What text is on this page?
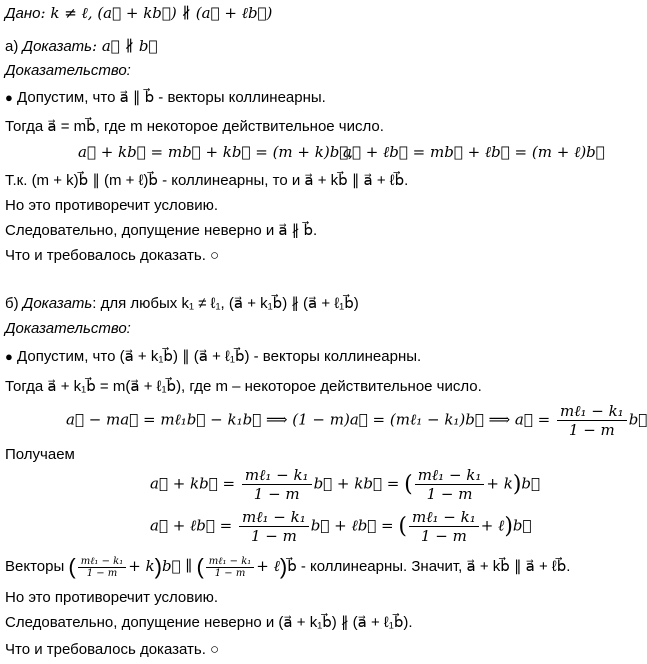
Дано: k ≠ ℓ, (a⃗ + kb⃗) ∦ (a⃗ + ℓb⃗)
а) Доказать: a⃗ ∦ b⃗
Доказательство:
● Допустим, что a⃗ ∥ b⃗ - векторы коллинеарны.
Тогда a⃗ = mb⃗, где m некоторое действительное число.
a⃗ + kb⃗ = mb⃗ + kb⃗ = (m + k)b⃗,
a⃗ + ℓb⃗ = mb⃗ + ℓb⃗ = (m + ℓ)b⃗
Т.к. (m + k)b⃗ ∥ (m + ℓ)b⃗ - коллинеарны, то и a⃗ + kb⃗ ∥ a⃗ + ℓb⃗.
Но это противоречит условию.
Следовательно, допущение неверно и a⃗ ∦ b⃗.
Что и требовалось доказать. ○
б) Доказать: для любых k₁ ≠ ℓ₁, (a⃗ + k₁b⃗) ∦ (a⃗ + ℓ₁b⃗)
Доказательство:
● Допустим, что (a⃗ + k₁b⃗) ∥ (a⃗ + ℓ₁b⃗) - векторы коллинеарны.
Тогда a⃗ + k₁b⃗ = m(a⃗ + ℓ₁b⃗), где m – некоторое действительное число.
a⃗ − ma⃗ = mℓ₁b⃗ − k₁b⃗ ⟹ (1 − m)a⃗ = (mℓ₁ − k₁)b⃗ ⟹ a⃗ = $\frac{\text{mℓ₁ − k₁}}{1 - m}$ b⃗
Получаем
a⃗ + kb⃗ = $\frac{\text{mℓ₁ − k₁}}{1 - m}$ b⃗ + kb⃗ = ( $\frac{\text{mℓ₁ − k₁}}{1 - m}$ + k)b⃗
a⃗ + ℓb⃗ = $\frac{\text{mℓ₁ − k₁}}{1 - m}$ b⃗ + ℓb⃗ = ( $\frac{\text{mℓ₁ − k₁}}{1 - m}$ + ℓ)b⃗
Векторы ( $\frac{\text{mℓ₁ − k₁}}{1 - m}$ + k)b⃗ ∥ ( $\frac{\text{mℓ₁ − k₁}}{1 - m}$ + ℓ)b⃗ - коллинеарны. Значит, a⃗ + kb⃗ ∥ a⃗ + ℓb⃗.
Но это противоречит условию.
Следовательно, допущение неверно и (a⃗ + k₁b⃗) ∦ (a⃗ + ℓ₁b⃗).
Что и требовалось доказать. ○
